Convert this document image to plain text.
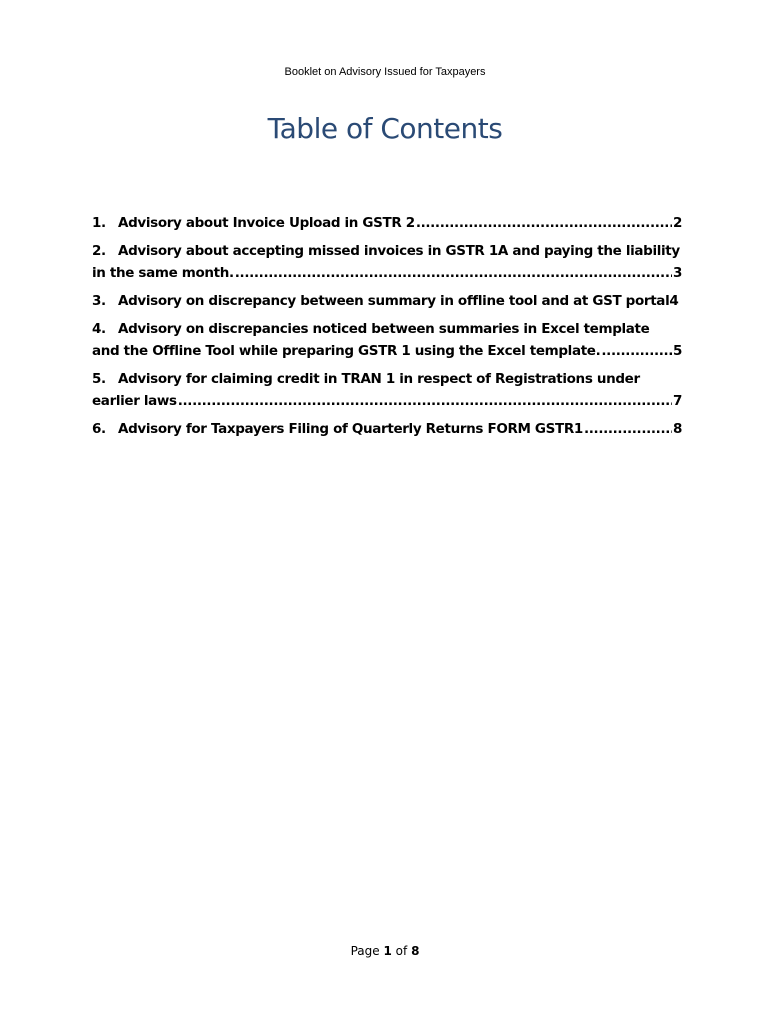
Booklet on Advisory Issued for Taxpayers
Table of Contents
1. Advisory about Invoice Upload in GSTR 2 .....	2
2. Advisory about accepting missed invoices in GSTR 1A and paying the liability
in the same month. .....	3
3. Advisory on discrepancy between summary in offline tool and at GST portal 4
4. Advisory on discrepancies noticed between summaries in Excel template
and the Offline Tool while preparing GSTR 1 using the Excel template. .....	5
5. Advisory for claiming credit in TRAN 1 in respect of Registrations under
earlier laws .....	7
6. Advisory for Taxpayers Filing of Quarterly Returns FORM GSTR1 .....	8
Page 1 of 8
